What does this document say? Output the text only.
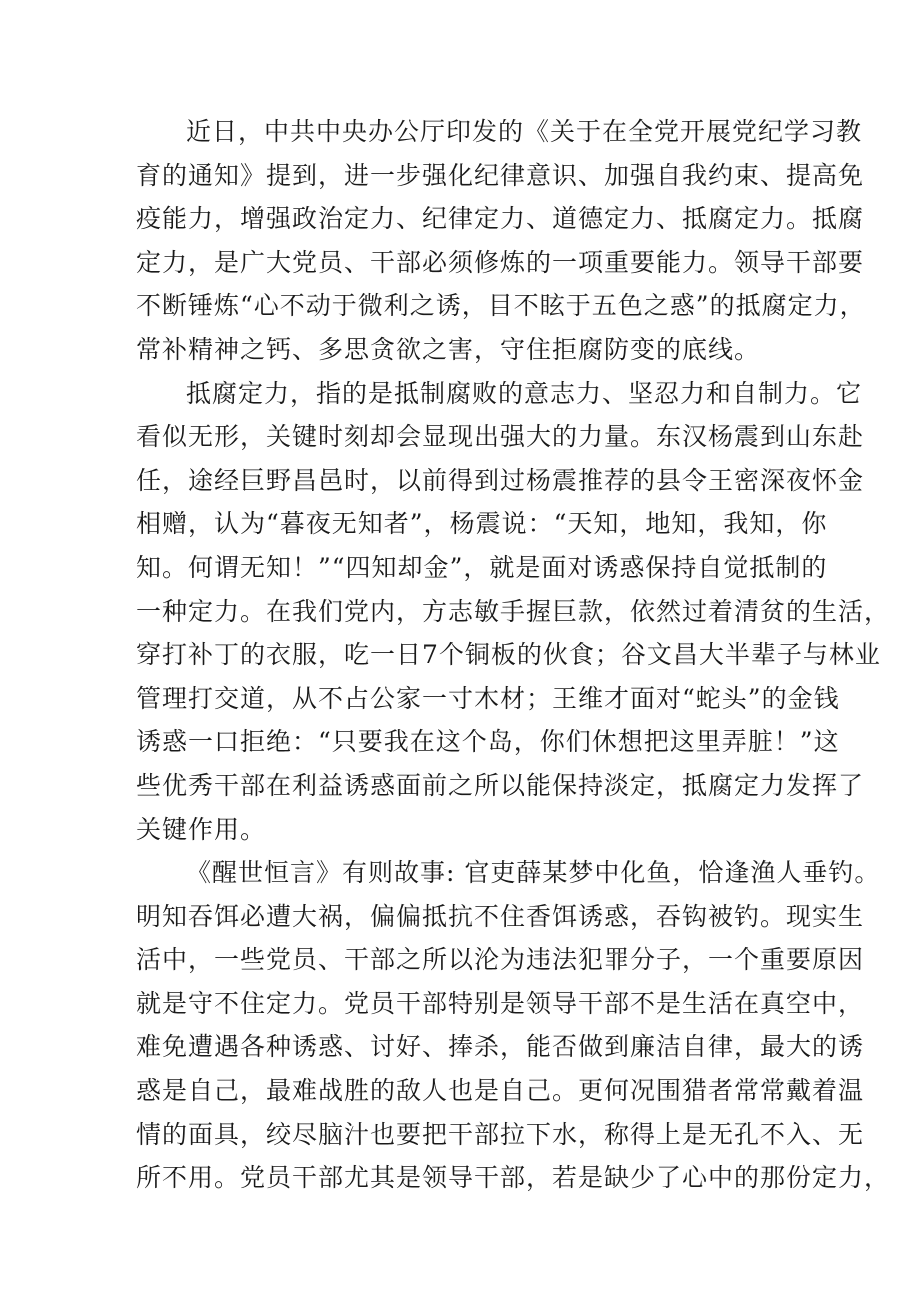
近日，中共中央办公厅印发的《关于在全党开展党纪学习教
育的通知》提到，进一步强化纪律意识、加强自我约束、提高免
疫能力，增强政治定力、纪律定力、道德定力、抵腐定力。抵腐
定力，是广大党员、干部必须修炼的一项重要能力。领导干部要
不断锤炼“心不动于微利之诱，目不眩于五色之惑”的抵腐定力，
常补精神之钙、多思贪欲之害，守住拒腐防变的底线。
抵腐定力，指的是抵制腐败的意志力、坚忍力和自制力。它
看似无形，关键时刻却会显现出强大的力量。东汉杨震到山东赴
任，途经巨野昌邑时，以前得到过杨震推荐的县令王密深夜怀金
相赠，认为“暮夜无知者”，杨震说：“天知，地知，我知，你
知。何谓无知！”“四知却金”，就是面对诱惑保持自觉抵制的
一种定力。在我们党内，方志敏手握巨款，依然过着清贫的生活，
穿打补丁的衣服，吃一日7个铜板的伙食；谷文昌大半辈子与林业
管理打交道，从不占公家一寸木材；王维才面对“蛇头”的金钱
诱惑一口拒绝：“只要我在这个岛，你们休想把这里弄脏！”这
些优秀干部在利益诱惑面前之所以能保持淡定，抵腐定力发挥了
关键作用。
《醒世恒言》有则故事: 官吏薛某梦中化鱼，恰逢渔人垂钓。
明知吞饵必遭大祸，偏偏抵抗不住香饵诱惑，吞钩被钓。现实生
活中，一些党员、干部之所以沦为违法犯罪分子，一个重要原因
就是守不住定力。党员干部特别是领导干部不是生活在真空中，
难免遭遇各种诱惑、讨好、捧杀，能否做到廉洁自律，最大的诱
惑是自己，最难战胜的敌人也是自己。更何况围猎者常常戴着温
情的面具，绞尽脑汁也要把干部拉下水，称得上是无孔不入、无
所不用。党员干部尤其是领导干部，若是缺少了心中的那份定力，
